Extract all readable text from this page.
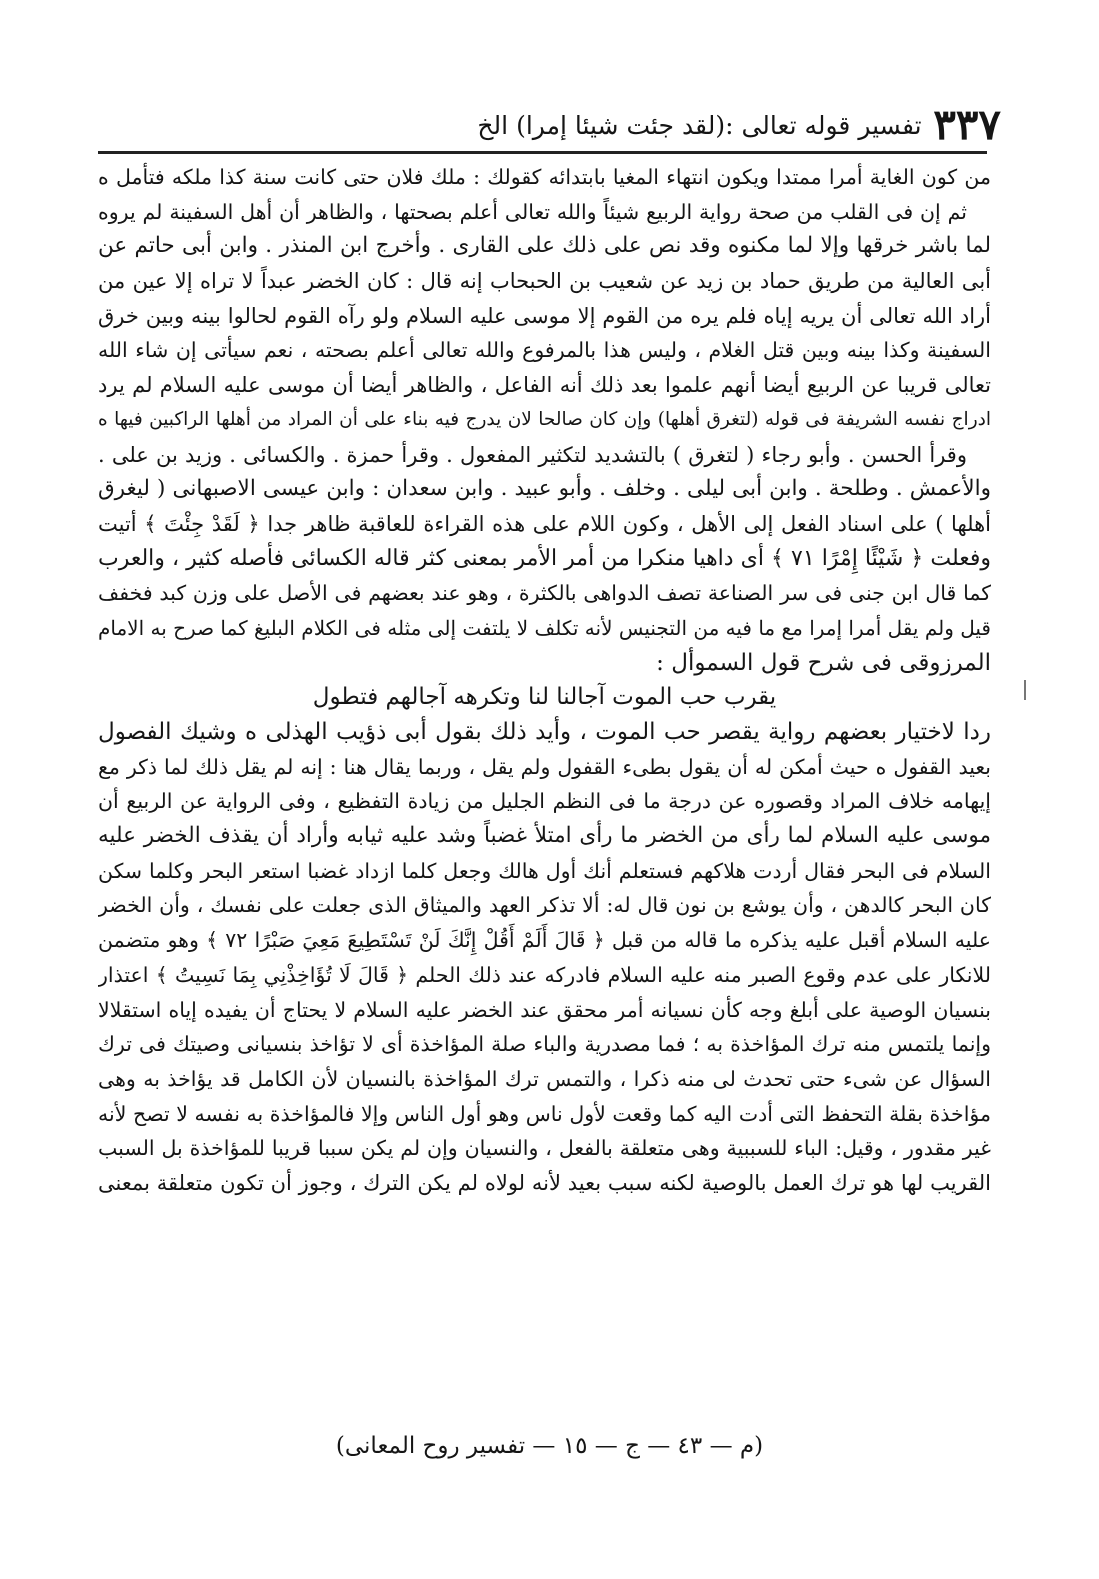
٣٣٧
تفسير قوله تعالى :(لقد جئت شيئا إمرا) الخ
من كون الغاية أمرا ممتدا ويكون انتهاء المغيا بابتدائه كقولك : ملك فلان حتى كانت سنة كذا ملكه فتأمل ه
ثم إن فى القلب من صحة رواية الربيع شيئاً والله تعالى أعلم بصحتها ، والظاهر أن أهل السفينة لم يروه
لما باشر خرقها وإلا لما مكنوه وقد نص على ذلك على القارى . وأخرج ابن المنذر . وابن أبى حاتم عن
أبى العالية من طريق حماد بن زيد عن شعيب بن الحبحاب إنه قال : كان الخضر عبداً لا تراه إلا عين من
أراد الله تعالى أن يريه إياه فلم يره من القوم إلا موسى عليه السلام ولو رآه القوم لحالوا بينه وبين خرق
السفينة وكذا بينه وبين قتل الغلام ، وليس هذا بالمرفوع والله تعالى أعلم بصحته ، نعم سيأتى إن شاء الله
تعالى قريبا عن الربيع أيضا أنهم علموا بعد ذلك أنه الفاعل ، والظاهر أيضا أن موسى عليه السلام لم يرد
ادراج نفسه الشريفة فى قوله (لتغرق أهلها) وإن كان صالحا لان يدرج فيه بناء على أن المراد من أهلها الراكبين فيها ه
وقرأ الحسن . وأبو رجاء ( لتغرق ) بالتشديد لتكثير المفعول . وقرأ حمزة . والكسائى . وزيد بن على .
والأعمش . وطلحة . وابن أبى ليلى . وخلف . وأبو عبيد . وابن سعدان : وابن عيسى الاصبهانى ( ليغرق
أهلها ) على اسناد الفعل إلى الأهل ، وكون اللام على هذه القراءة للعاقبة ظاهر جدا ﴿ لَقَدْ جِئْتَ ﴾ أتيت
وفعلت ﴿ شَيْئًا إِمْرًا ٧١ ﴾ أى داهيا منكرا من أمر الأمر بمعنى كثر قاله الكسائى فأصله كثير ، والعرب
كما قال ابن جنى فى سر الصناعة تصف الدواهى بالكثرة ، وهو عند بعضهم فى الأصل على وزن كبد فخفف
قيل ولم يقل أمرا إمرا مع ما فيه من التجنيس لأنه تكلف لا يلتفت إلى مثله فى الكلام البليغ كما صرح به الامام
المرزوقى فى شرح قول السموأل :
يقرب حب الموت آجالنا لنا وتكرهه آجالهم فتطول
ردا لاختيار بعضهم رواية يقصر حب الموت ، وأيد ذلك بقول أبى ذؤيب الهذلى ه وشيك الفصول
بعيد القفول ه حيث أمكن له أن يقول بطىء القفول ولم يقل ، وربما يقال هنا : إنه لم يقل ذلك لما ذكر مع
إيهامه خلاف المراد وقصوره عن درجة ما فى النظم الجليل من زيادة التفظيع ، وفى الرواية عن الربيع أن
موسى عليه السلام لما رأى من الخضر ما رأى امتلأ غضباً وشد عليه ثيابه وأراد أن يقذف الخضر عليه
السلام فى البحر فقال أردت هلاكهم فستعلم أنك أول هالك وجعل كلما ازداد غضبا استعر البحر وكلما سكن
كان البحر كالدهن ، وأن يوشع بن نون قال له: ألا تذكر العهد والميثاق الذى جعلت على نفسك ، وأن الخضر
عليه السلام أقبل عليه يذكره ما قاله من قبل ﴿ قَالَ أَلَمْ أَقُلْ إِنَّكَ لَنْ تَسْتَطِيعَ مَعِيَ صَبْرًا ٧٢ ﴾ وهو متضمن
للانكار على عدم وقوع الصبر منه عليه السلام فادركه عند ذلك الحلم ﴿ قَالَ لَا تُؤَاخِذْنِي بِمَا نَسِيتُ ﴾ اعتذار
بنسيان الوصية على أبلغ وجه كأن نسيانه أمر محقق عند الخضر عليه السلام لا يحتاج أن يفيده إياه استقلالا
وإنما يلتمس منه ترك المؤاخذة به ؛ فما مصدرية والباء صلة المؤاخذة أى لا تؤاخذ بنسيانى وصيتك فى ترك
السؤال عن شىء حتى تحدث لى منه ذكرا ، والتمس ترك المؤاخذة بالنسيان لأن الكامل قد يؤاخذ به وهى
مؤاخذة بقلة التحفظ التى أدت اليه كما وقعت لأول ناس وهو أول الناس وإلا فالمؤاخذة به نفسه لا تصح لأنه
غير مقدور ، وقيل: الباء للسببية وهى متعلقة بالفعل ، والنسيان وإن لم يكن سببا قريبا للمؤاخذة بل السبب
القريب لها هو ترك العمل بالوصية لكنه سبب بعيد لأنه لولاه لم يكن الترك ، وجوز أن تكون متعلقة بمعنى
(م — ٤٣ — ج — ١٥ — تفسير روح المعانى)
